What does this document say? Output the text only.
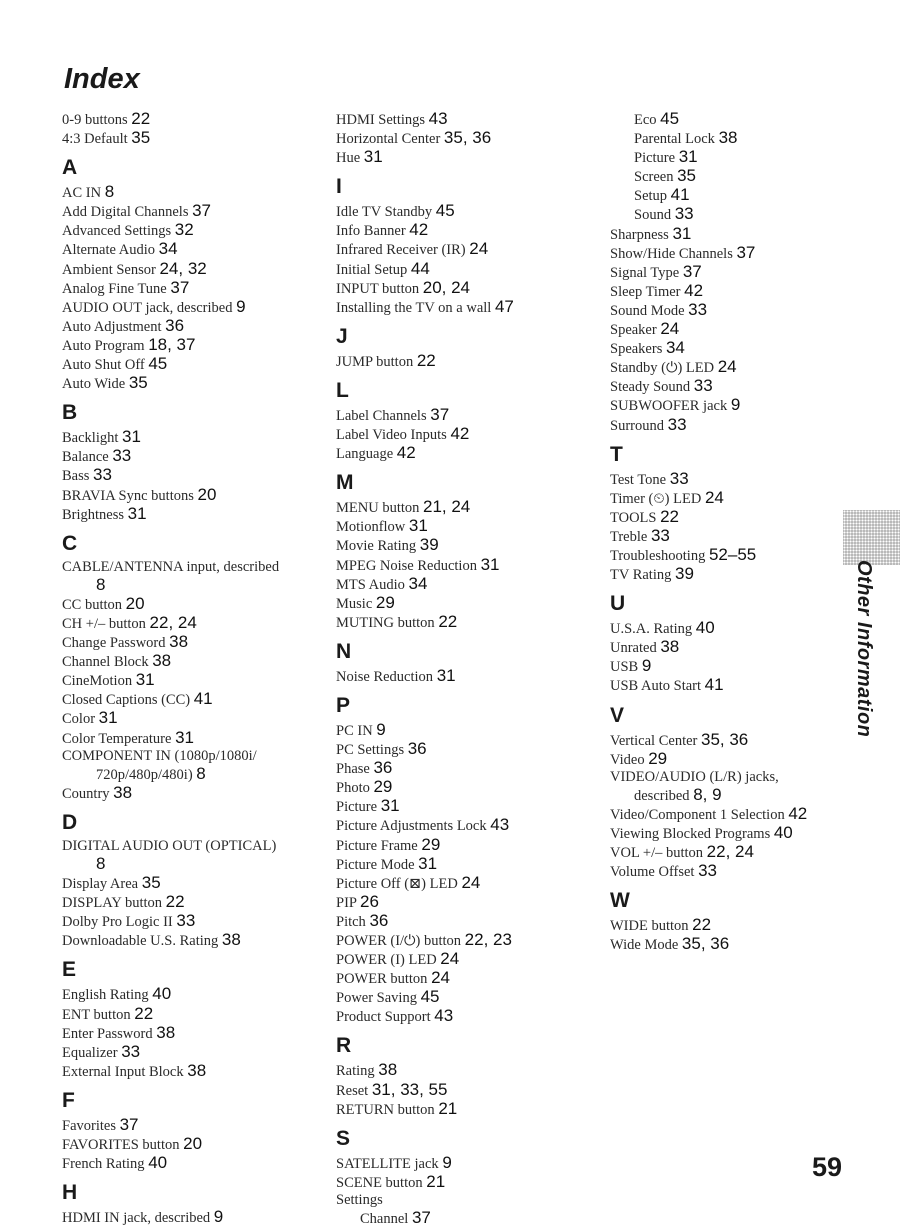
Index
0-9 buttons 22
4:3 Default 35
A
AC IN 8
Add Digital Channels 37
Advanced Settings 32
Alternate Audio 34
Ambient Sensor 24, 32
Analog Fine Tune 37
AUDIO OUT jack, described 9
Auto Adjustment 36
Auto Program 18, 37
Auto Shut Off 45
Auto Wide 35
B
Backlight 31
Balance 33
Bass 33
BRAVIA Sync buttons 20
Brightness 31
C
CABLE/ANTENNA input, described
8
CC button 20
CH +/– button 22, 24
Change Password 38
Channel Block 38
CineMotion 31
Closed Captions (CC) 41
Color 31
Color Temperature 31
COMPONENT IN (1080p/1080i/
720p/480p/480i) 8
Country 38
D
DIGITAL AUDIO OUT (OPTICAL)
8
Display Area 35
DISPLAY button 22
Dolby Pro Logic II 33
Downloadable U.S. Rating 38
E
English Rating 40
ENT button 22
Enter Password 38
Equalizer 33
External Input Block 38
F
Favorites 37
FAVORITES button 20
French Rating 40
H
HDMI IN jack, described 9
HDMI Settings 43
Horizontal Center 35, 36
Hue 31
I
Idle TV Standby 45
Info Banner 42
Infrared Receiver (IR) 24
Initial Setup 44
INPUT button 20, 24
Installing the TV on a wall 47
J
JUMP button 22
L
Label Channels 37
Label Video Inputs 42
Language 42
M
MENU button 21, 24
Motionflow 31
Movie Rating 39
MPEG Noise Reduction 31
MTS Audio 34
Music 29
MUTING button 22
N
Noise Reduction 31
P
PC IN 9
PC Settings 36
Phase 36
Photo 29
Picture 31
Picture Adjustments Lock 43
Picture Frame 29
Picture Mode 31
Picture Off (⊠) LED 24
PIP 26
Pitch 36
POWER (I/⏻) button 22, 23
POWER (I) LED 24
POWER button 24
Power Saving 45
Product Support 43
R
Rating 38
Reset 31, 33, 55
RETURN button 21
S
SATELLITE jack 9
SCENE button 21
Settings
Channel 37
Eco 45
Parental Lock 38
Picture 31
Screen 35
Setup 41
Sound 33
Sharpness 31
Show/Hide Channels 37
Signal Type 37
Sleep Timer 42
Sound Mode 33
Speaker 24
Speakers 34
Standby (⏻) LED 24
Steady Sound 33
SUBWOOFER jack 9
Surround 33
T
Test Tone 33
Timer (⏲) LED 24
TOOLS 22
Treble 33
Troubleshooting 52–55
TV Rating 39
U
U.S.A. Rating 40
Unrated 38
USB 9
USB Auto Start 41
V
Vertical Center 35, 36
Video 29
VIDEO/AUDIO (L/R) jacks,
described 8, 9
Video/Component 1 Selection 42
Viewing Blocked Programs 40
VOL +/– button 22, 24
Volume Offset 33
W
WIDE button 22
Wide Mode 35, 36
Other Information
59
